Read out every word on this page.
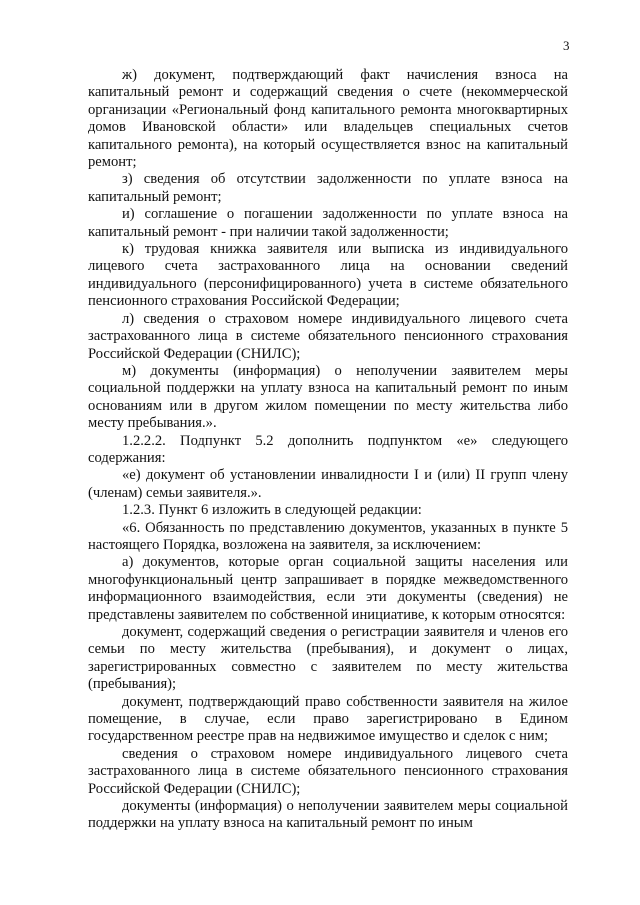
3

ж) документ, подтверждающий факт начисления взноса на капитальный ремонт и содержащий сведения о счете (некоммерческой организации «Региональный фонд капитального ремонта многоквартирных домов Ивановской области» или владельцев специальных счетов капитального ремонта), на который осуществляется взнос на капитальный ремонт;

з) сведения об отсутствии задолженности по уплате взноса на капитальный ремонт;

и) соглашение о погашении задолженности по уплате взноса на капитальный ремонт - при наличии такой задолженности;

к) трудовая книжка заявителя или выписка из индивидуального лицевого счета застрахованного лица на основании сведений индивидуального (персонифицированного) учета в системе обязательного пенсионного страхования Российской Федерации;

л) сведения о страховом номере индивидуального лицевого счета застрахованного лица в системе обязательного пенсионного страхования Российской Федерации (СНИЛС);

м) документы (информация) о неполучении заявителем меры социальной поддержки на уплату взноса на капитальный ремонт по иным основаниям или в другом жилом помещении по месту жительства либо месту пребывания.».

1.2.2.2. Подпункт 5.2 дополнить подпунктом «е» следующего содержания:

«е) документ об установлении инвалидности I и (или) II групп члену (членам) семьи заявителя.».

1.2.3. Пункт 6 изложить в следующей редакции:

«6. Обязанность по представлению документов, указанных в пункте 5 настоящего Порядка, возложена на заявителя, за исключением:

а) документов, которые орган социальной защиты населения или многофункциональный центр запрашивает в порядке межведомственного информационного взаимодействия, если эти документы (сведения) не представлены заявителем по собственной инициативе, к которым относятся:

документ, содержащий сведения о регистрации заявителя и членов его семьи по месту жительства (пребывания), и документ о лицах, зарегистрированных совместно с заявителем по месту жительства (пребывания);

документ, подтверждающий право собственности заявителя на жилое помещение, в случае, если право зарегистрировано в Едином государственном реестре прав на недвижимое имущество и сделок с ним;

сведения о страховом номере индивидуального лицевого счета застрахованного лица в системе обязательного пенсионного страхования Российской Федерации (СНИЛС);

документы (информация) о неполучении заявителем меры социальной поддержки на уплату взноса на капитальный ремонт по иным
